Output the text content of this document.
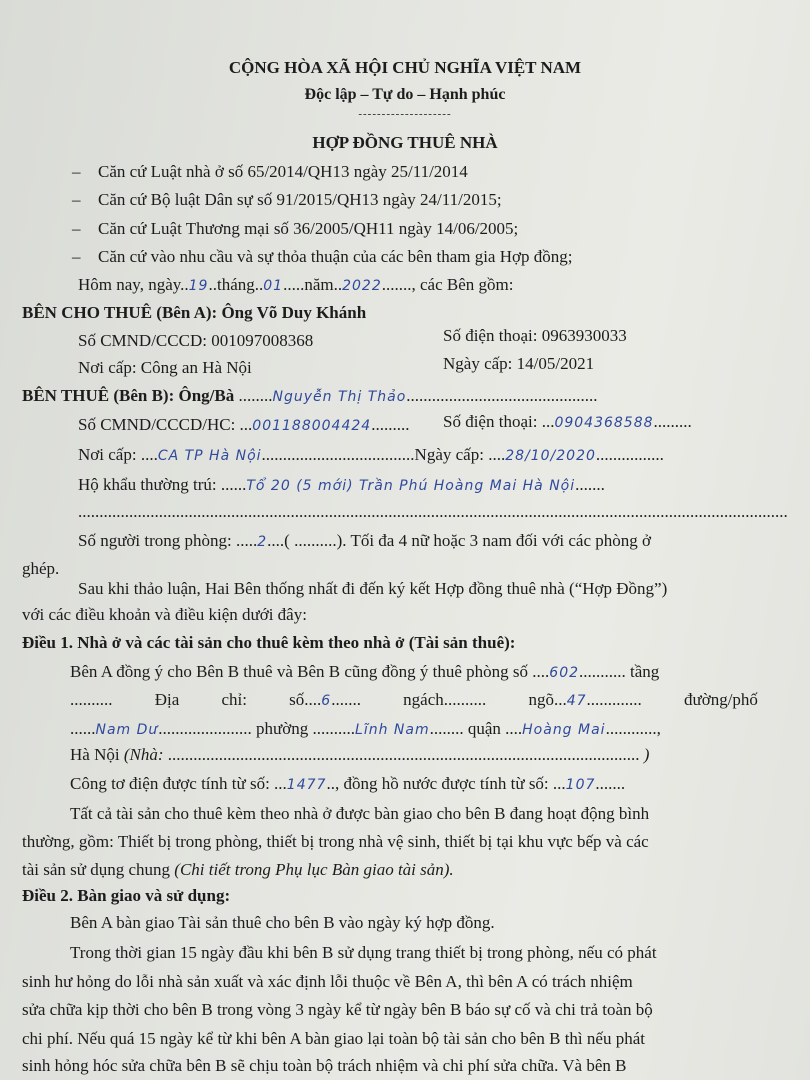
CỘNG HÒA XÃ HỘI CHỦ NGHĨA VIỆT NAM
Độc lập – Tự do – Hạnh phúc
--------------------
HỢP ĐỒNG THUÊ NHÀ
– Căn cứ Luật nhà ở số 65/2014/QH13 ngày 25/11/2014
– Căn cứ Bộ luật Dân sự số 91/2015/QH13 ngày 24/11/2015;
– Căn cứ Luật Thương mại số 36/2005/QH11 ngày 14/06/2005;
– Căn cứ vào nhu cầu và sự thỏa thuận của các bên tham gia Hợp đồng;
Hôm nay, ngày..19..tháng..01.....năm..2022......., các Bên gồm:
BÊN CHO THUÊ (Bên A): Ông Võ Duy Khánh
Số CMND/CCCD: 001097008368	Số điện thoại: 0963930033
Nơi cấp: Công an Hà Nội	Ngày cấp: 14/05/2021
BÊN THUÊ (Bên B): Ông/Bà ........Nguyễn Thị Thảo.............................................
Số CMND/CCCD/HC: ...001188004424......... Số điện thoại: ...0904368588.........
Nơi cấp: ....CA TP Hà Nội....................................Ngày cấp: ....28/10/2020................
Hộ khẩu thường trú: ......Tổ 20 (5 mới) Trần Phú Hoàng Mai Hà Nội.......
.......................................................................................................................................................................
Số người trong phòng: .....2....( ..........). Tối đa 4 nữ hoặc 3 nam đối với các phòng ở
ghép.
Sau khi thảo luận, Hai Bên thống nhất đi đến ký kết Hợp đồng thuê nhà (“Hợp Đồng”)
với các điều khoản và điều kiện dưới đây:
Điều 1. Nhà ở và các tài sản cho thuê kèm theo nhà ở (Tài sản thuê):
Bên A đồng ý cho Bên B thuê và Bên B cũng đồng ý thuê phòng số ....602........... tầng
.......... Địa chỉ: số....6....... ngách.......... ngõ...47............. đường/phố
......Nam Dư...................... phường ..........Lĩnh Nam........ quận ....Hoàng Mai............,
Hà Nội (Nhà: ............................................................................................................... )
Công tơ điện được tính từ số: ...1477.., đồng hồ nước được tính từ số: ...107.......
Tất cả tài sản cho thuê kèm theo nhà ở được bàn giao cho bên B đang hoạt động bình
thường, gồm: Thiết bị trong phòng, thiết bị trong nhà vệ sinh, thiết bị tại khu vực bếp và các
tài sản sử dụng chung (Chi tiết trong Phụ lục Bàn giao tài sản).
Điều 2. Bàn giao và sử dụng:
Bên A bàn giao Tài sản thuê cho bên B vào ngày ký hợp đồng.
Trong thời gian 15 ngày đầu khi bên B sử dụng trang thiết bị trong phòng, nếu có phát
sinh hư hỏng do lỗi nhà sản xuất và xác định lỗi thuộc về Bên A, thì bên A có trách nhiệm
sửa chữa kịp thời cho bên B trong vòng 3 ngày kể từ ngày bên B báo sự cố và chi trả toàn bộ
chi phí. Nếu quá 15 ngày kể từ khi bên A bàn giao lại toàn bộ tài sản cho bên B thì nếu phát
sinh hỏng hóc sửa chữa bên B sẽ chịu toàn bộ trách nhiệm và chi phí sửa chữa. Và bên B
